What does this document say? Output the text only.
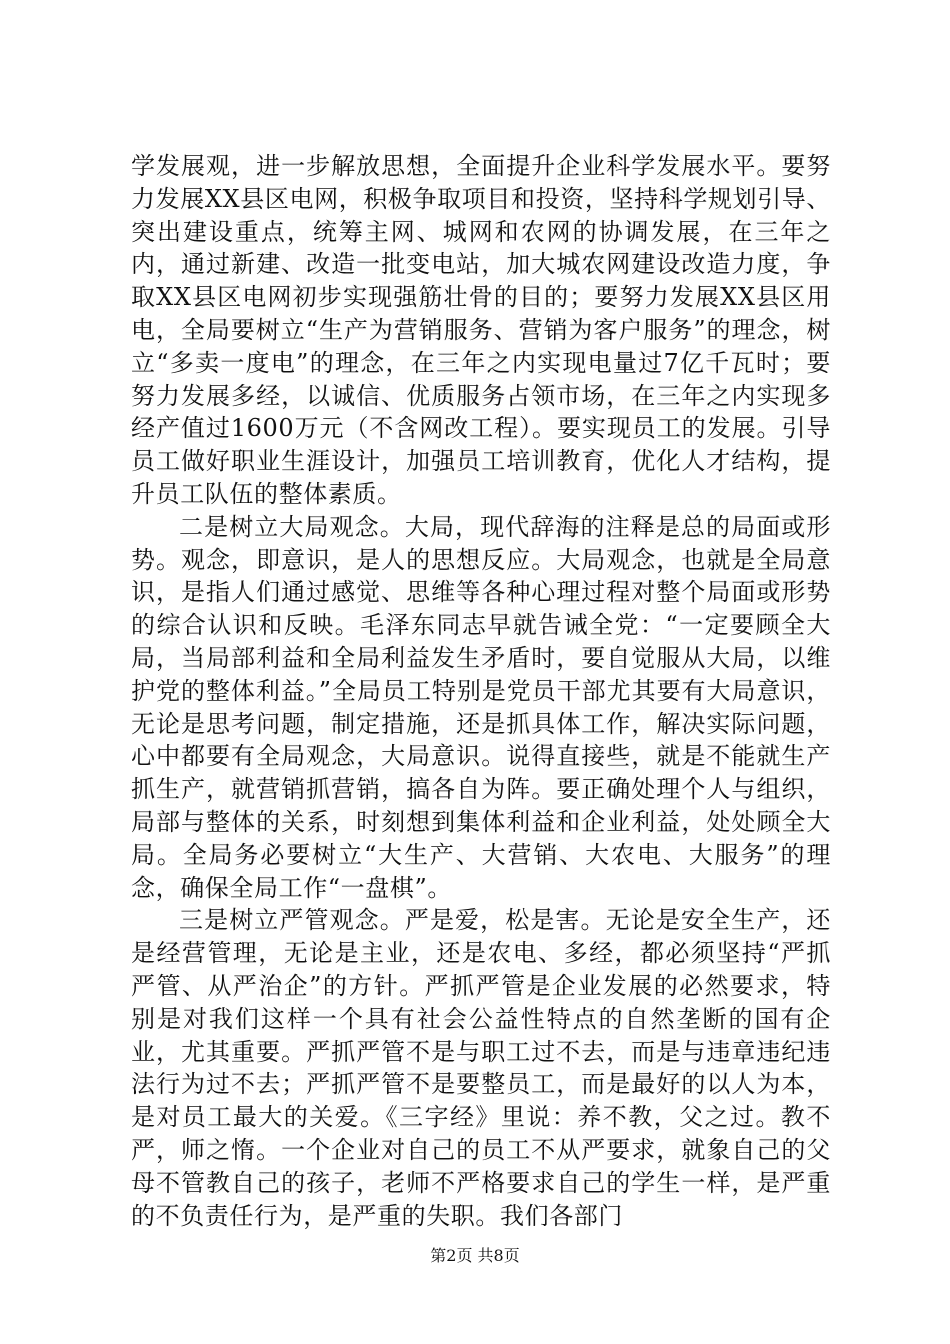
学发展观，进一步解放思想，全面提升企业科学发展水平。要努力发展XX县区电网，积极争取项目和投资，坚持科学规划引导、突出建设重点，统筹主网、城网和农网的协调发展，在三年之内，通过新建、改造一批变电站，加大城农网建设改造力度，争取XX县区电网初步实现强筋壮骨的目的；要努力发展XX县区用电，全局要树立“生产为营销服务、营销为客户服务”的理念，树立“多卖一度电”的理念，在三年之内实现电量过7亿千瓦时；要努力发展多经，以诚信、优质服务占领市场，在三年之内实现多经产值过1600万元（不含网改工程）。要实现员工的发展。引导员工做好职业生涯设计，加强员工培训教育，优化人才结构，提升员工队伍的整体素质。

二是树立大局观念。大局，现代辞海的注释是总的局面或形势。观念，即意识，是人的思想反应。大局观念，也就是全局意识，是指人们通过感觉、思维等各种心理过程对整个局面或形势的综合认识和反映。毛泽东同志早就告诫全党：“一定要顾全大局，当局部利益和全局利益发生矛盾时，要自觉服从大局，以维护党的整体利益。”全局员工特别是党员干部尤其要有大局意识，无论是思考问题，制定措施，还是抓具体工作，解决实际问题，心中都要有全局观念，大局意识。说得直接些，就是不能就生产抓生产，就营销抓营销，搞各自为阵。要正确处理个人与组织，局部与整体的关系，时刻想到集体利益和企业利益，处处顾全大局。全局务必要树立“大生产、大营销、大农电、大服务”的理念，确保全局工作“一盘棋”。

三是树立严管观念。严是爱，松是害。无论是安全生产，还是经营管理，无论是主业，还是农电、多经，都必须坚持“严抓严管、从严治企”的方针。严抓严管是企业发展的必然要求，特别是对我们这样一个具有社会公益性特点的自然垄断的国有企业，尤其重要。严抓严管不是与职工过不去，而是与违章违纪违法行为过不去；严抓严管不是要整员工，而是最好的以人为本，是对员工最大的关爱。《三字经》里说：养不教，父之过。教不严，师之惰。一个企业对自己的员工不从严要求，就象自己的父母不管教自己的孩子，老师不严格要求自己的学生一样，是严重的不负责任行为，是严重的失职。我们各部门

第2页 共8页
